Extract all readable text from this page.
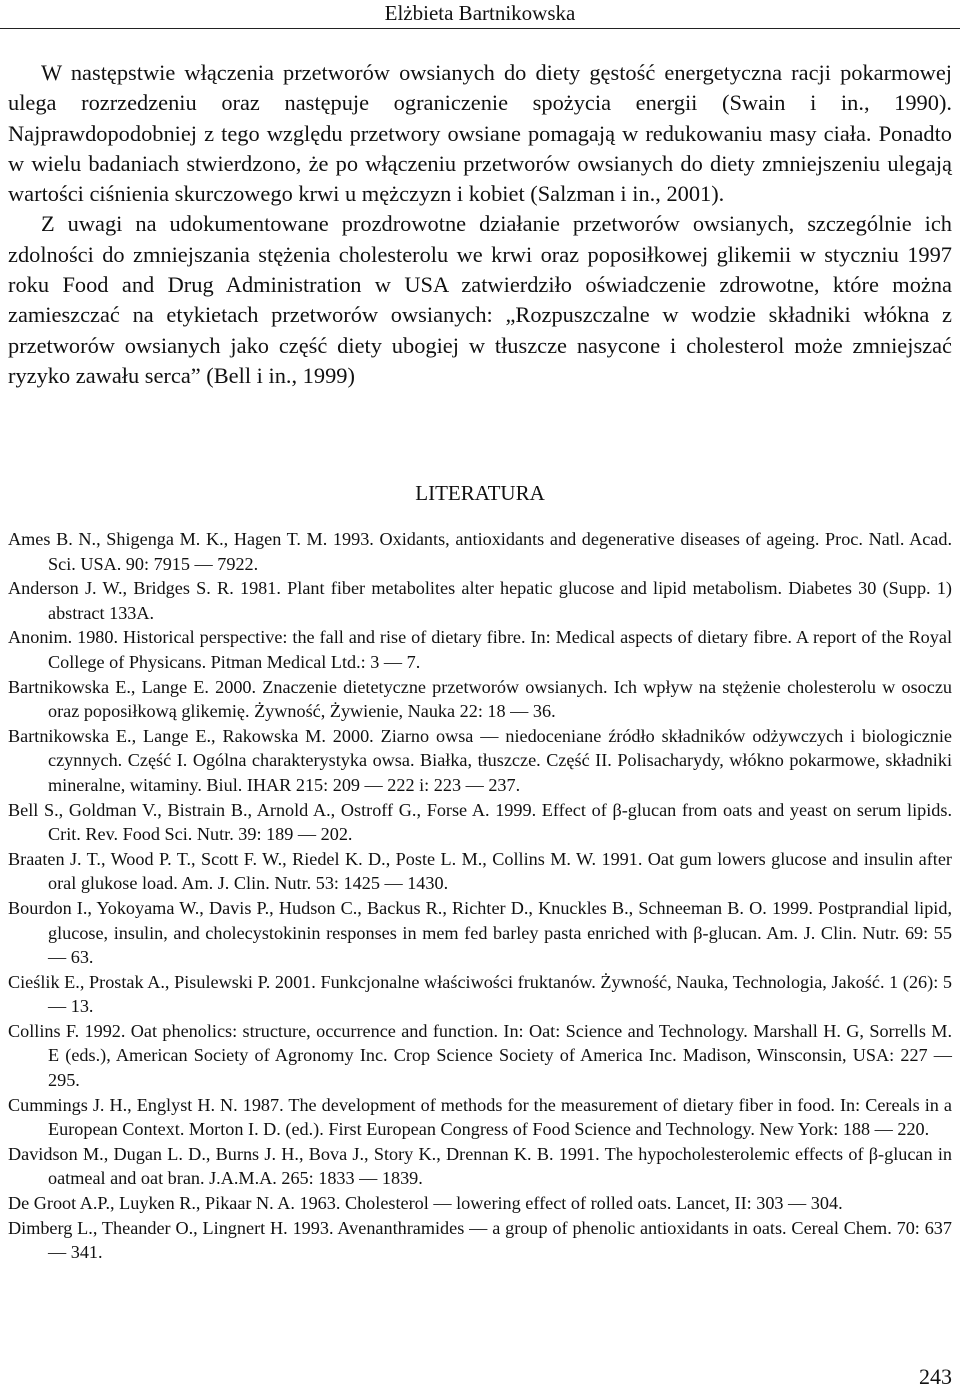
Elżbieta Bartnikowska

W następstwie włączenia przetworów owsianych do diety gęstość energetyczna racji pokarmowej ulega rozrzedzeniu oraz następuje ograniczenie spożycia energii (Swain i in., 1990). Najprawdopodobniej z tego względu przetwory owsiane pomagają w redukowaniu masy ciała. Ponadto w wielu badaniach stwierdzono, że po włączeniu przetworów owsianych do diety zmniejszeniu ulegają wartości ciśnienia skurczowego krwi u mężczyzn i kobiet (Salzman i in., 2001).

Z uwagi na udokumentowane prozdrowotne działanie przetworów owsianych, szczególnie ich zdolności do zmniejszania stężenia cholesterolu we krwi oraz poposiłkowej glikemii w styczniu 1997 roku Food and Drug Administration w USA zatwierdziło oświadczenie zdrowotne, które można zamieszczać na etykietach przetworów owsianych: „Rozpuszczalne w wodzie składniki włókna z przetworów owsianych jako część diety ubogiej w tłuszcze nasycone i cholesterol może zmniejszać ryzyko zawału serca” (Bell i in., 1999)

LITERATURA

Ames B. N., Shigenga M. K., Hagen T. M. 1993. Oxidants, antioxidants and degenerative diseases of ageing. Proc. Natl. Acad. Sci. USA. 90: 7915 — 7922.

Anderson J. W., Bridges S. R. 1981. Plant fiber metabolites alter hepatic glucose and lipid metabolism. Diabetes 30 (Supp. 1) abstract 133A.

Anonim. 1980. Historical perspective: the fall and rise of dietary fibre. In: Medical aspects of dietary fibre. A report of the Royal College of Physicans. Pitman Medical Ltd.: 3 — 7.

Bartnikowska E., Lange E. 2000. Znaczenie dietetyczne przetworów owsianych. Ich wpływ na stężenie cholesterolu w osoczu oraz poposiłkową glikemię. Żywność, Żywienie, Nauka 22: 18 — 36.

Bartnikowska E., Lange E., Rakowska M. 2000. Ziarno owsa — niedoceniane źródło składników odżywczych i biologicznie czynnych. Część I. Ogólna charakterystyka owsa. Białka, tłuszcze. Część II. Polisacharydy, włókno pokarmowe, składniki mineralne, witaminy. Biul. IHAR 215: 209 — 222 i: 223 — 237.

Bell S., Goldman V., Bistrain B., Arnold A., Ostroff G., Forse A. 1999. Effect of β-glucan from oats and yeast on serum lipids. Crit. Rev. Food Sci. Nutr. 39: 189 — 202.

Braaten J. T., Wood P. T., Scott F. W., Riedel K. D., Poste L. M., Collins M. W. 1991. Oat gum lowers glucose and insulin after oral glukose load. Am. J. Clin. Nutr. 53: 1425 — 1430.

Bourdon I., Yokoyama W., Davis P., Hudson C., Backus R., Richter D., Knuckles B., Schneeman B. O. 1999. Postprandial lipid, glucose, insulin, and cholecystokinin responses in mem fed barley pasta enriched with β-glucan. Am. J. Clin. Nutr. 69: 55 — 63.

Cieślik E., Prostak A., Pisulewski P. 2001. Funkcjonalne właściwości fruktanów. Żywność, Nauka, Technologia, Jakość. 1 (26): 5 — 13.

Collins F. 1992. Oat phenolics: structure, occurrence and function. In: Oat: Science and Technology. Marshall H. G, Sorrells M. E (eds.), American Society of Agronomy Inc. Crop Science Society of America Inc. Madison, Winsconsin, USA: 227 — 295.

Cummings J. H., Englyst H. N. 1987. The development of methods for the measurement of dietary fiber in food. In: Cereals in a European Context. Morton I. D. (ed.). First European Congress of Food Science and Technology. New York: 188 — 220.

Davidson M., Dugan L. D., Burns J. H., Bova J., Story K., Drennan K. B. 1991. The hypocholesterolemic effects of β-glucan in oatmeal and oat bran. J.A.M.A. 265: 1833 — 1839.

De Groot A.P., Luyken R., Pikaar N. A. 1963. Cholesterol — lowering effect of rolled oats. Lancet, II: 303 — 304.

Dimberg L., Theander O., Lingnert H. 1993. Avenanthramides — a group of phenolic antioxidants in oats. Cereal Chem. 70: 637 — 341.

243
